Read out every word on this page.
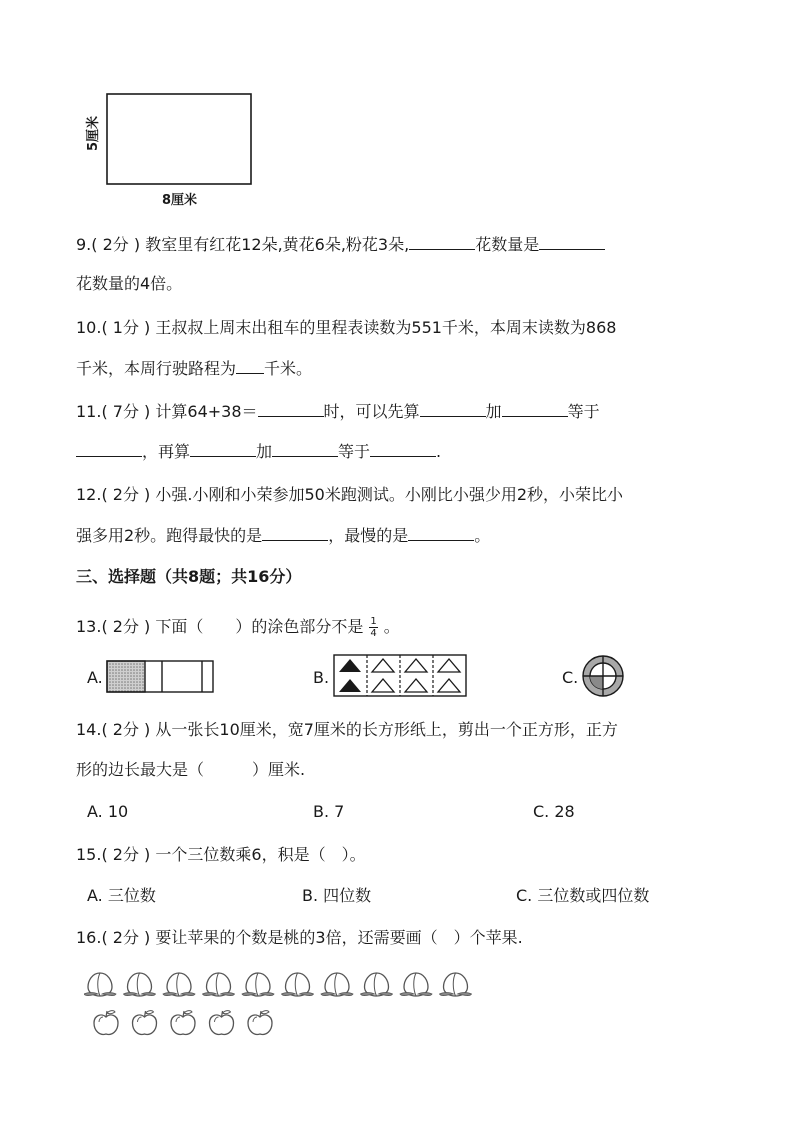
5厘米
8厘米
9.( 2分 ) 教室里有红花12朵,黄花6朵,粉花3朵,	花数量是
花数量的4倍。
10.( 1分 ) 王叔叔上周末出租车的里程表读数为551千米，本周末读数为868
千米，本周行驶路程为 千米。
11.( 7分 ) 计算64+38＝	时，可以先算	加	等于
，再算	加	等于	.
12.( 2分 ) 小强.小刚和小荣参加50米跑测试。小刚比小强少用2秒，小荣比小
强多用2秒。跑得最快的是	，最慢的是	。
三、选择题（共8题；共16分）
13.( 2分 ) 下面（　　）的涂色部分不是 $\frac{1}{4}$ 。
A.	B.	C.
14.( 2分 ) 从一张长10厘米，宽7厘米的长方形纸上，剪出一个正方形，正方
形的边长最大是（　　　）厘米.
A. 10	B. 7	C. 28
15.( 2分 ) 一个三位数乘6，积是（　）。
A. 三位数	B. 四位数	C. 三位数或四位数
16.( 2分 ) 要让苹果的个数是桃的3倍，还需要画（　）个苹果.
